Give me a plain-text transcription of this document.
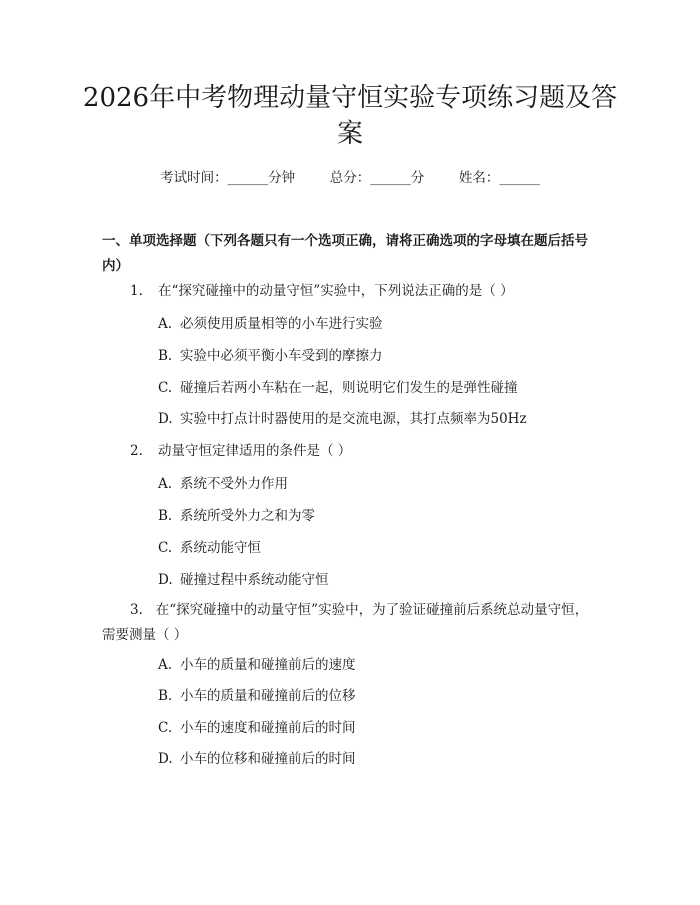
2026年中考物理动量守恒实验专项练习题及答案
考试时间：______分钟	总分：______分	姓名：______
一、单项选择题（下列各题只有一个选项正确，请将正确选项的字母填在题后括号内）

1. 在“探究碰撞中的动量守恒”实验中，下列说法正确的是（ ）

A. 必须使用质量相等的小车进行实验

B. 实验中必须平衡小车受到的摩擦力

C. 碰撞后若两小车粘在一起，则说明它们发生的是弹性碰撞

D. 实验中打点计时器使用的是交流电源，其打点频率为50Hz

2. 动量守恒定律适用的条件是（ ）

A. 系统不受外力作用

B. 系统所受外力之和为零

C. 系统动能守恒

D. 碰撞过程中系统动能守恒

3. 在“探究碰撞中的动量守恒”实验中，为了验证碰撞前后系统总动量守恒，需要测量（ ）

A. 小车的质量和碰撞前后的速度

B. 小车的质量和碰撞前后的位移

C. 小车的速度和碰撞前后的时间

D. 小车的位移和碰撞前后的时间
